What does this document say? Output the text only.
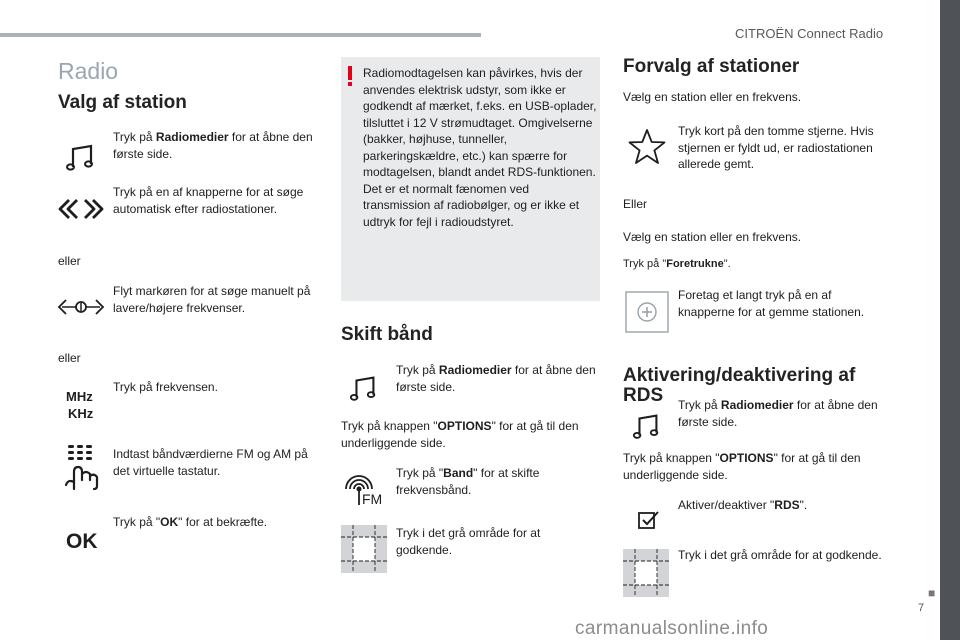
CITROËN Connect Radio
■
7
carmanualsonline.info
Radio
Valg af station
Tryk på Radiomedier for at åbne den første side.
Tryk på en af knapperne for at søge automatisk efter radiostationer.
eller
Flyt markøren for at søge manuelt på lavere/højere frekvenser.
eller
MHz
KHz
Tryk på frekvensen.
Indtast båndværdierne FM og AM på det virtuelle tastatur.
OK
Tryk på "OK" for at bekræfte.
Radiomodtagelsen kan påvirkes, hvis der anvendes elektrisk udstyr, som ikke er godkendt af mærket, f.eks. en USB-oplader, tilsluttet i 12 V strømudtaget. Omgivelserne (bakker, højhuse, tunneller, parkeringskældre, etc.) kan spærre for modtagelsen, blandt andet RDS-funktionen. Det er et normalt fænomen ved transmission af radiobølger, og er ikke et udtryk for fejl i radioudstyret.
Skift bånd
Tryk på Radiomedier for at åbne den første side.
Tryk på knappen "OPTIONS" for at gå til den underliggende side.
FM
Tryk på "Band" for at skifte frekvensbånd.
Tryk i det grå område for at godkende.
Forvalg af stationer
Vælg en station eller en frekvens.
Tryk kort på den tomme stjerne. Hvis stjernen er fyldt ud, er radiostationen allerede gemt.
Eller
Vælg en station eller en frekvens.
Tryk på "Foretrukne".
Foretag et langt tryk på en af knapperne for at gemme stationen.
Aktivering/deaktivering af RDS	Tryk på Radiomedier for at åbne den første side.
Tryk på knappen "OPTIONS" for at gå til den underliggende side.
Aktiver/deaktiver "RDS".
Tryk i det grå område for at godkende.
